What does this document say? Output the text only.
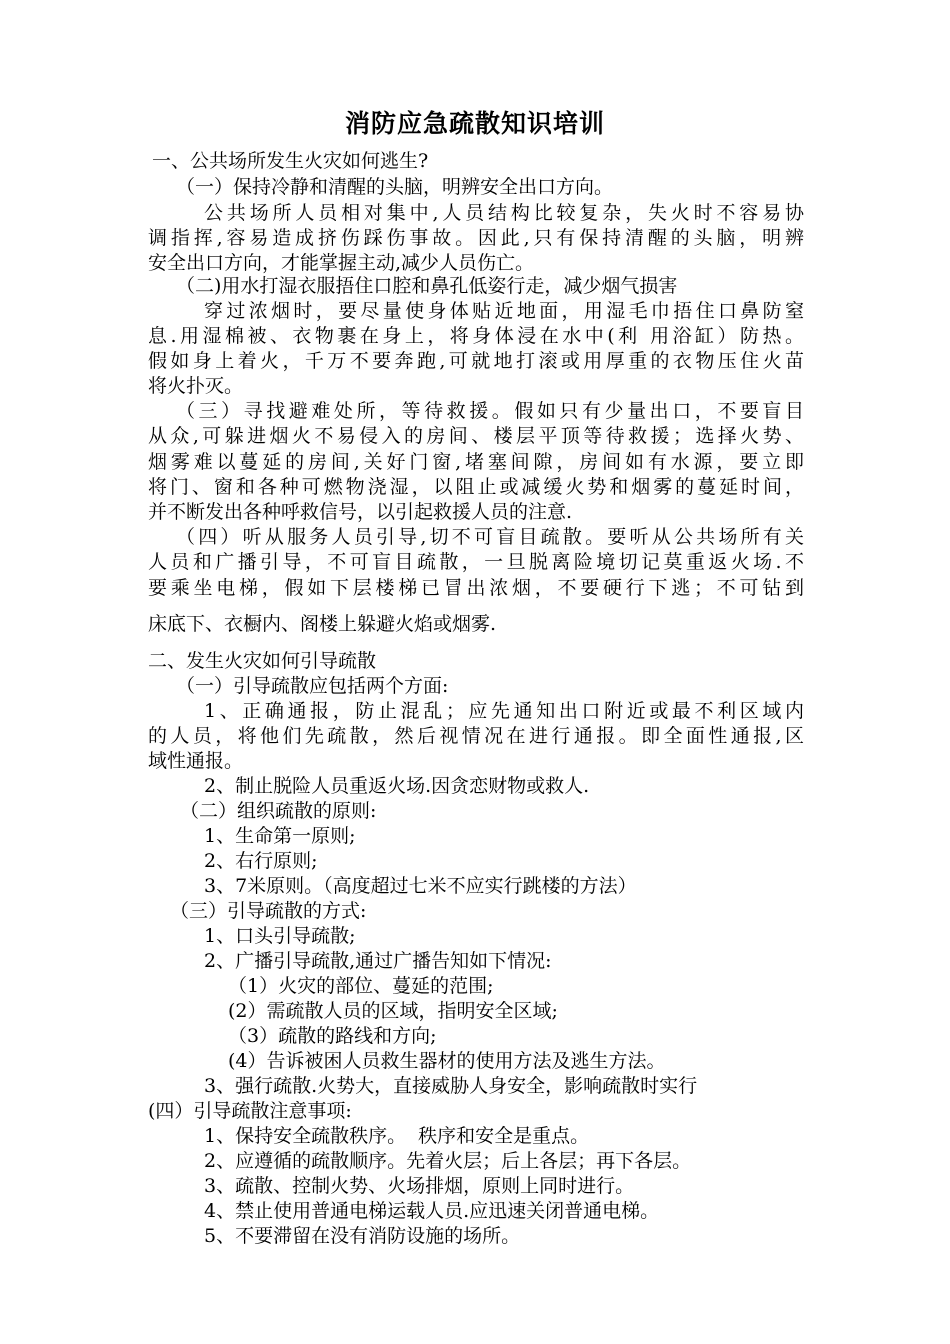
消防应急疏散知识培训
一、公共场所发生火灾如何逃生?
（一）保持冷静和清醒的头脑，明辨安全出口方向。
公共场所人员相对集中,人员结构比较复杂，失火时不容易协
调指挥,容易造成挤伤踩伤事故。因此,只有保持清醒的头脑，明辨
安全出口方向，才能掌握主动,减少人员伤亡。
（二)用水打湿衣服捂住口腔和鼻孔低姿行走，减少烟气损害
穿过浓烟时，要尽量使身体贴近地面，用湿毛巾捂住口鼻防窒
息.用湿棉被、衣物裹在身上，将身体浸在水中(利 用浴缸）防热。
假如身上着火，千万不要奔跑,可就地打滚或用厚重的衣物压住火苗
将火扑灭。
（三）寻找避难处所，等待救援。假如只有少量出口，不要盲目
从众,可躲进烟火不易侵入的房间、楼层平顶等待救援；选择火势、
烟雾难以蔓延的房间,关好门窗,堵塞间隙，房间如有水源，要立即
将门、窗和各种可燃物浇湿，以阻止或减缓火势和烟雾的蔓延时间，
并不断发出各种呼救信号，以引起救援人员的注意.
（四）听从服务人员引导,切不可盲目疏散。要听从公共场所有关
人员和广播引导，不可盲目疏散，一旦脱离险境切记莫重返火场.不
要乘坐电梯，假如下层楼梯已冒出浓烟，不要硬行下逃；不可钻到
床底下、衣橱内、阁楼上躲避火焰或烟雾.
二、发生火灾如何引导疏散
（一）引导疏散应包括两个方面:
1、正确通报，防止混乱；应先通知出口附近或最不利区域内
的人员，将他们先疏散，然后视情况在进行通报。即全面性通报,区
域性通报。
2、制止脱险人员重返火场.因贪恋财物或救人.
（二）组织疏散的原则:
1、生命第一原则;
2、右行原则;
3、7米原则。（高度超过七米不应实行跳楼的方法）
（三）引导疏散的方式:
1、口头引导疏散;
2、广播引导疏散,通过广播告知如下情况:
（1）火灾的部位、蔓延的范围;
(2）需疏散人员的区域，指明安全区域;
（3）疏散的路线和方向;
(4）告诉被困人员救生器材的使用方法及逃生方法。
3、强行疏散.火势大，直接威胁人身安全，影响疏散时实行
(四）引导疏散注意事项:
1、保持安全疏散秩序。  秩序和安全是重点。
2、应遵循的疏散顺序。先着火层；后上各层；再下各层。
3、疏散、控制火势、火场排烟，原则上同时进行。
4、禁止使用普通电梯运载人员.应迅速关闭普通电梯。
5、不要滞留在没有消防设施的场所。
